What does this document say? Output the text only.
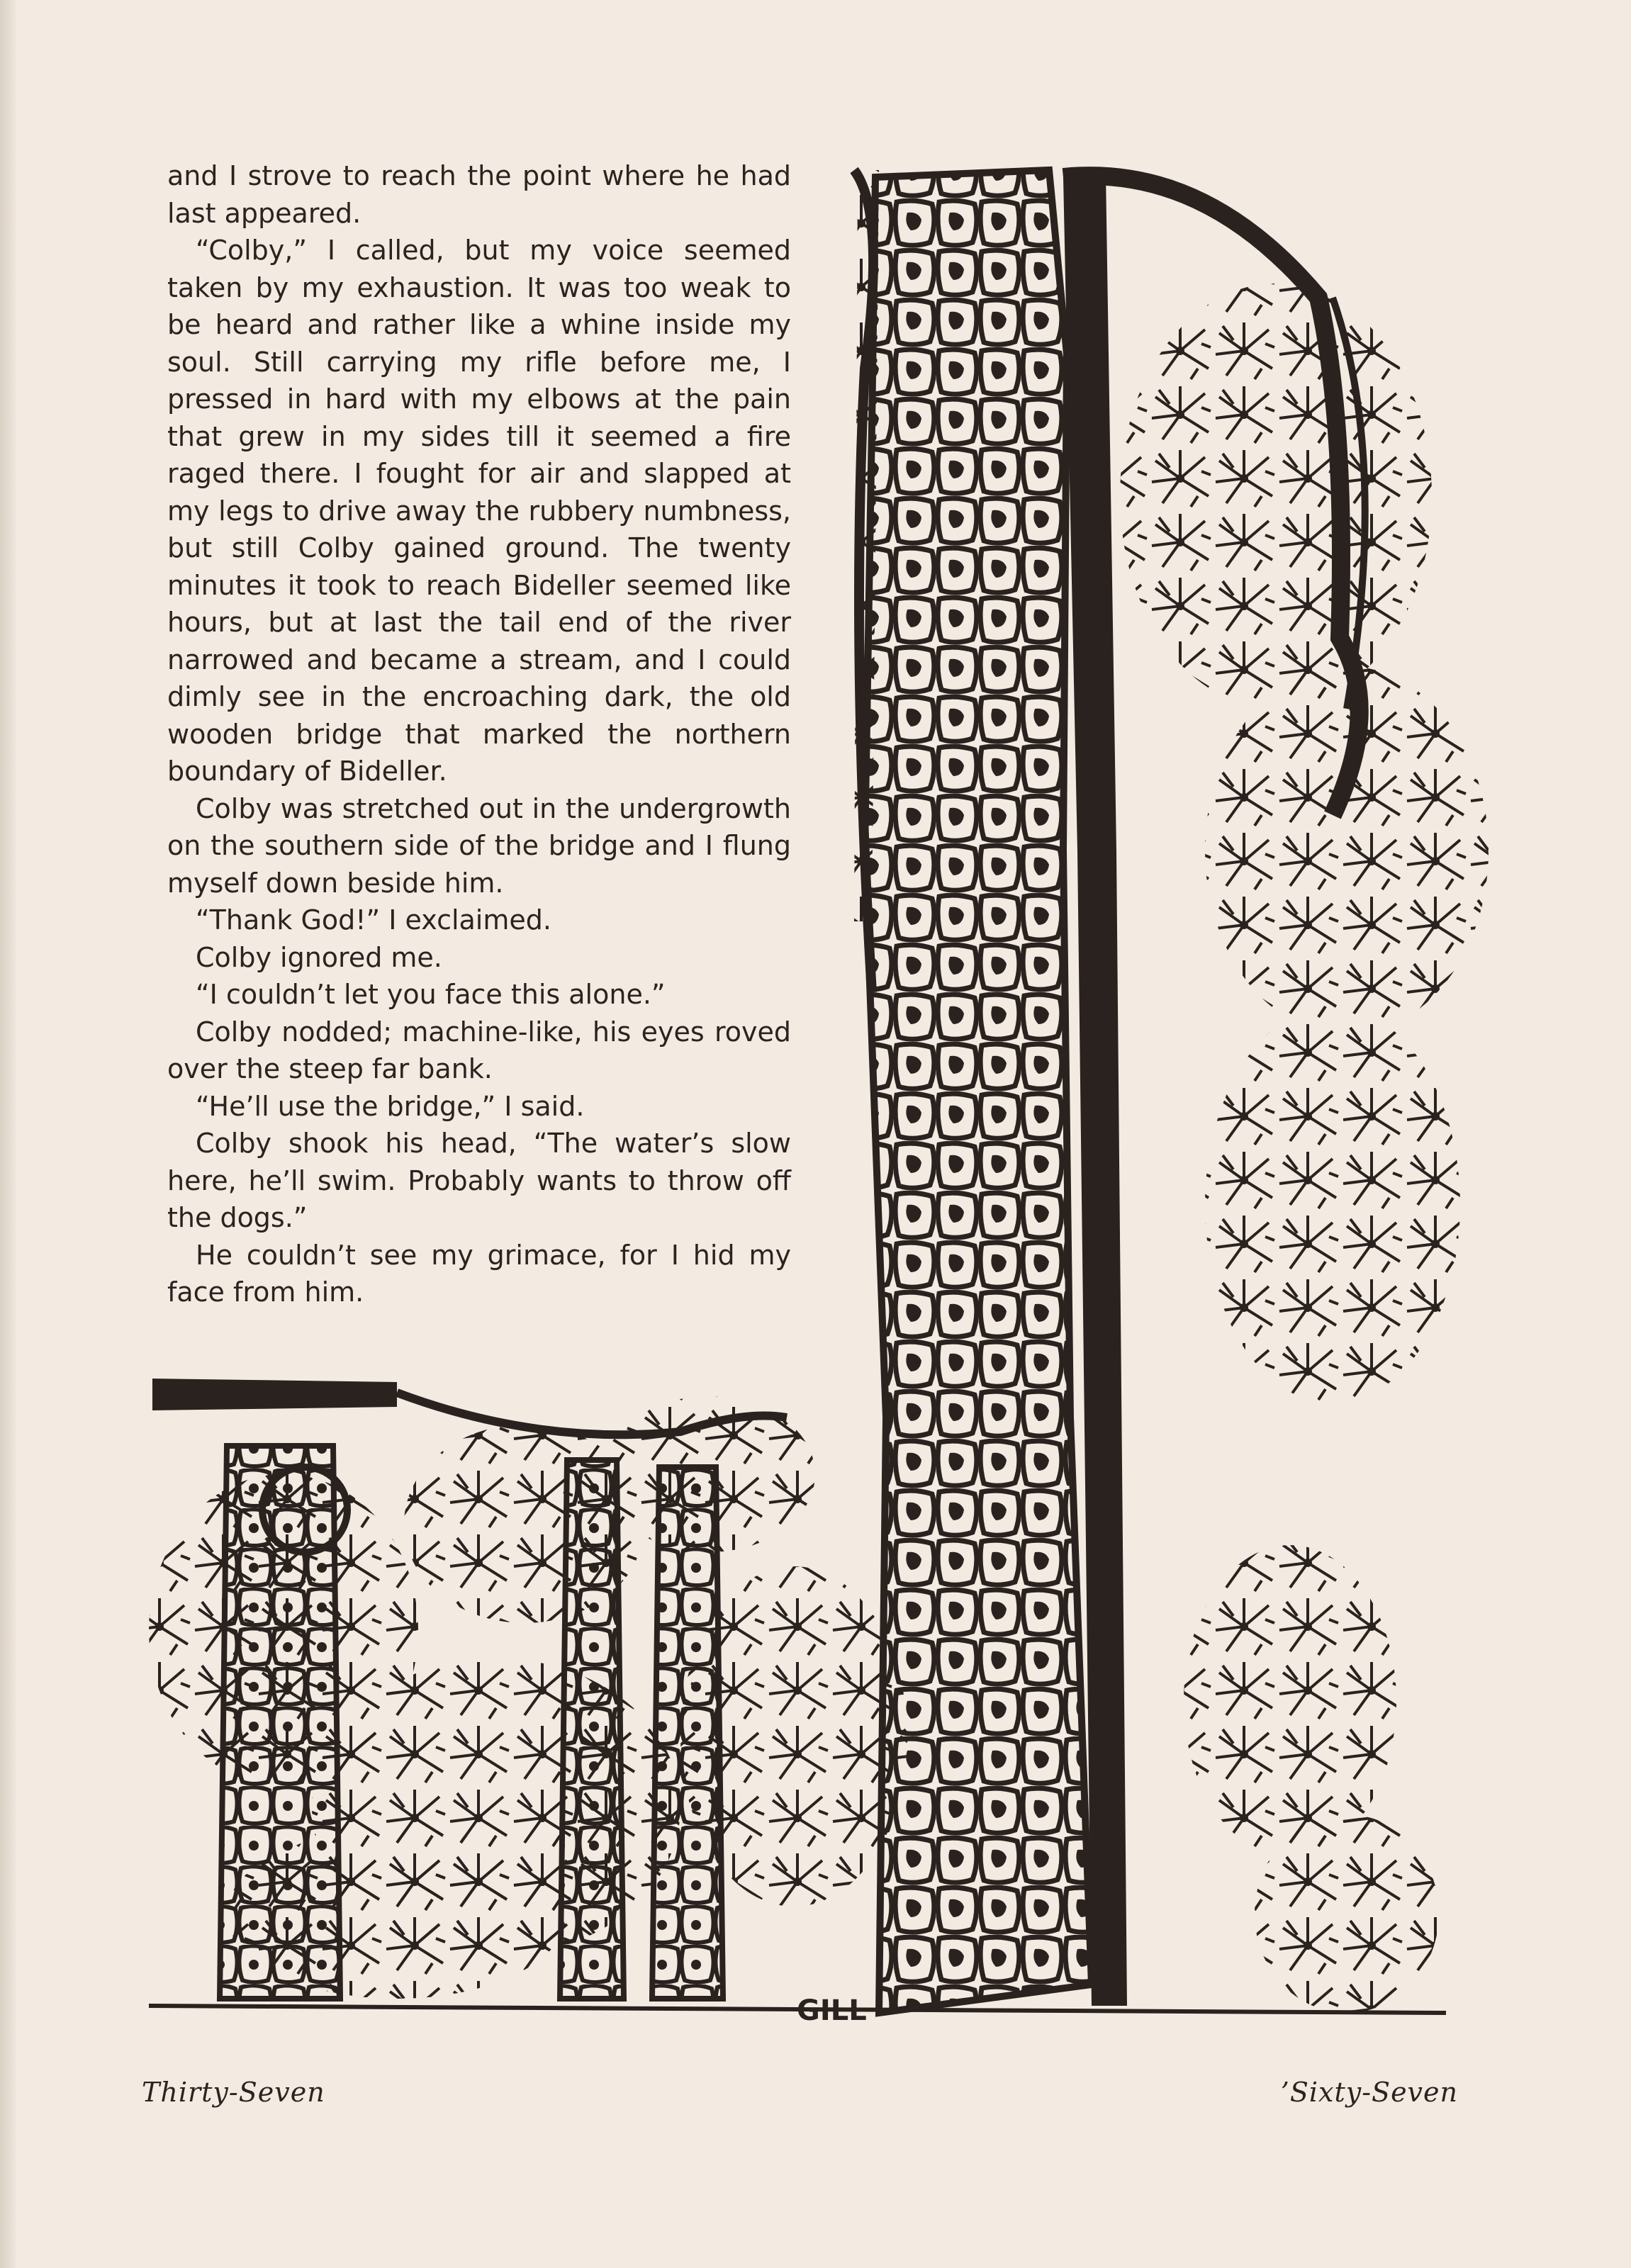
and I strove to reach the point where he had last appeared.

“Colby,” I called, but my voice seemed taken by my exhaustion. It was too weak to be heard and rather like a whine inside my soul. Still carrying my rifle before me, I pressed in hard with my elbows at the pain that grew in my sides till it seemed a fire raged there. I fought for air and slapped at my legs to drive away the rubbery numbness, but still Colby gained ground. The twenty minutes it took to reach Bideller seemed like hours, but at last the tail end of the river narrowed and became a stream, and I could dimly see in the encroaching dark, the old wooden bridge that marked the northern boundary of Bideller.

Colby was stretched out in the undergrowth on the southern side of the bridge and I flung myself down beside him.

“Thank God!” I exclaimed.

Colby ignored me.

“I couldn’t let you face this alone.”

Colby nodded; machine-like, his eyes roved over the steep far bank.

“He’ll use the bridge,” I said.

Colby shook his head, “The water’s slow here, he’ll swim. Probably wants to throw off the dogs.”

He couldn’t see my grimace, for I hid my face from him.

GILL
Thirty-Seven	’Sixty-Seven
